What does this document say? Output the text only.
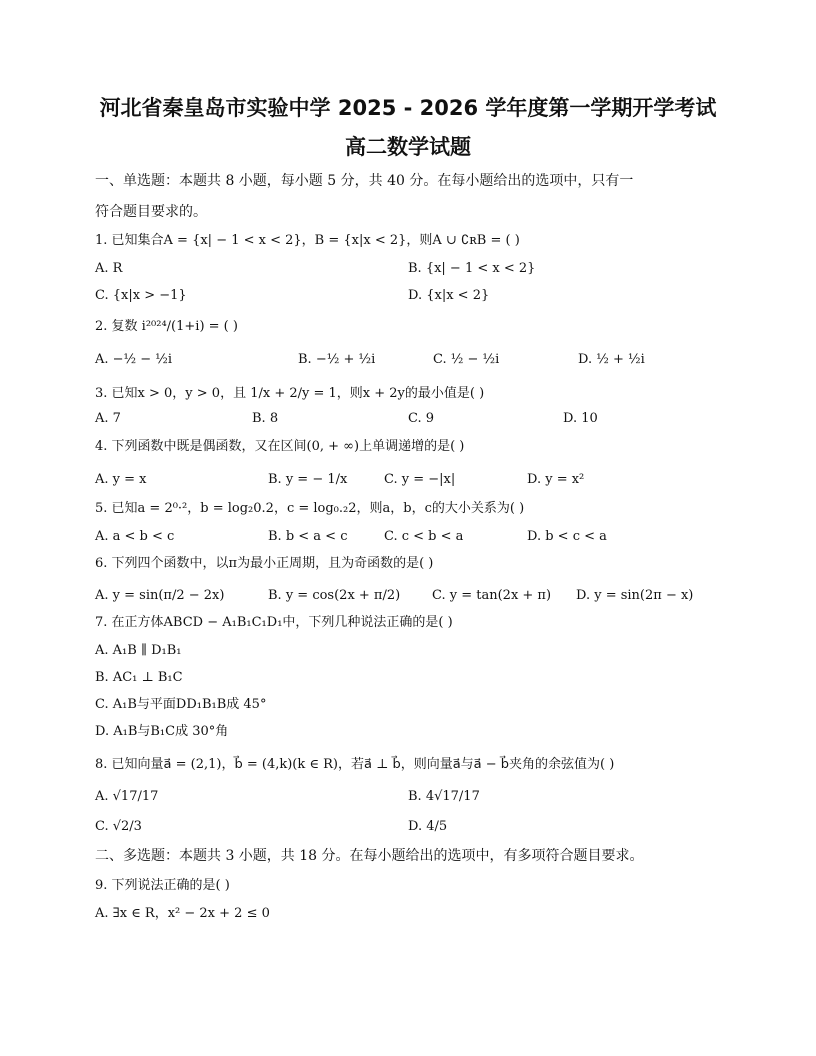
河北省秦皇岛市实验中学 2025 - 2026 学年度第一学期开学考试
高二数学试题
一、单选题：本题共 8 小题，每小题 5 分，共 40 分。在每小题给出的选项中，只有一
符合题目要求的。
1. 已知集合A = {x| − 1 < x < 2}，B = {x|x < 2}，则A ∪ ∁ʀB = ( )
A. R	B. {x| − 1 < x < 2}
C. {x|x > −1}	D. {x|x < 2}
2. 复数 i²⁰²⁴/(1+i) = ( )
A. −½ − ½i	B. −½ + ½i	C. ½ − ½i	D. ½ + ½i
3. 已知x > 0，y > 0，且 1/x + 2/y = 1，则x + 2y的最小值是( )
A. 7	B. 8	C. 9	D. 10
4. 下列函数中既是偶函数，又在区间(0, + ∞)上单调递增的是( )
A. y = x	B. y = − 1/x	C. y = −|x|	D. y = x²
5. 已知a = 2⁰·²，b = log₂0.2，c = log₀.₂2，则a，b，c的大小关系为( )
A. a < b < c	B. b < a < c	C. c < b < a	D. b < c < a
6. 下列四个函数中，以π为最小正周期，且为奇函数的是( )
A. y = sin(π/2 − 2x)	B. y = cos(2x + π/2) C. y = tan(2x + π) D. y = sin(2π − x)
7. 在正方体ABCD − A₁B₁C₁D₁中，下列几种说法正确的是( )
A. A₁B ∥ D₁B₁
B. AC₁ ⊥ B₁C
C. A₁B与平面DD₁B₁B成 45°
D. A₁B与B₁C成 30°角
8. 已知向量a⃗ = (2,1)，b⃗ = (4,k)(k ∈ R)，若a⃗ ⊥ b⃗，则向量a⃗与a⃗ − b⃗夹角的余弦值为( )
A. √17/17	B. 4√17/17
C. √2/3	D. 4/5
二、多选题：本题共 3 小题，共 18 分。在每小题给出的选项中，有多项符合题目要求。
9. 下列说法正确的是( )
A. ∃x ∈ R，x² − 2x + 2 ≤ 0
